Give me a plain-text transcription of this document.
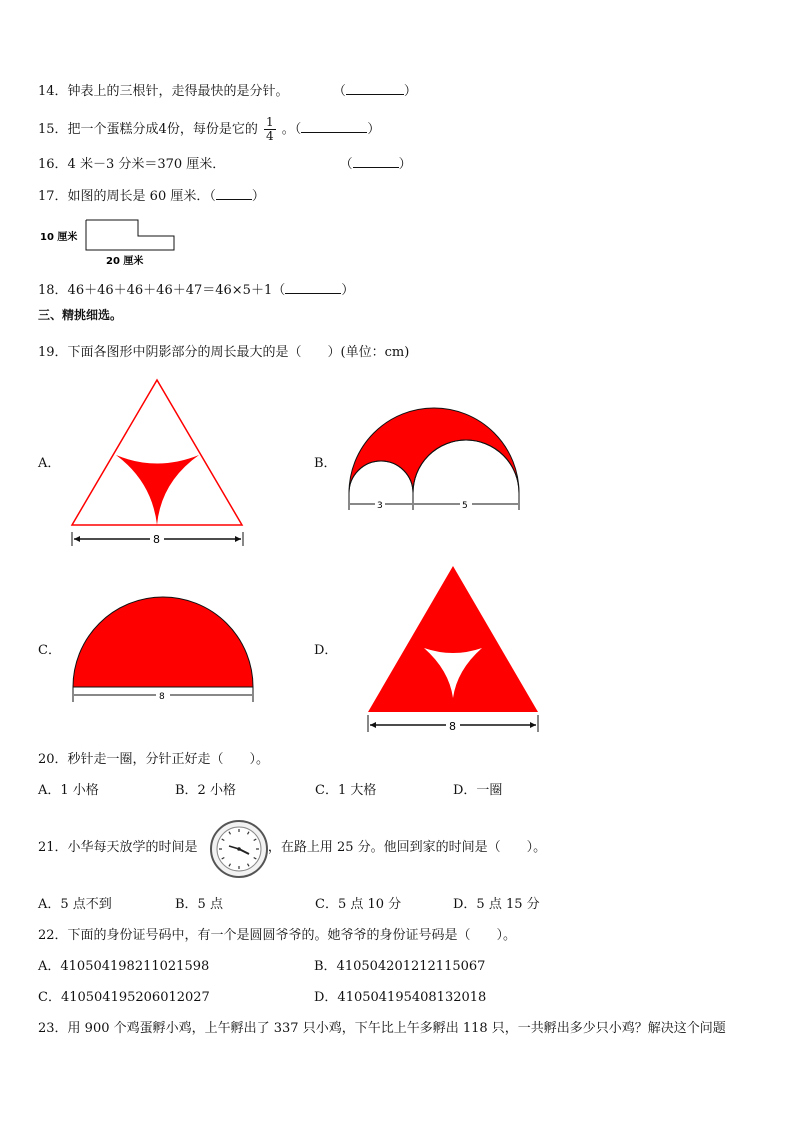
14．钟表上的三根针，走得最快的是分针。	（	）
15．把一个蛋糕分成4份，每份是它的 $\frac{1}{4}$ 。（	）
16．4 米－3 分米＝370 厘米．	（	）
17．如图的周长是 60 厘米．（	）
10 厘米
20 厘米
18．46＋46＋46＋46＋47＝46×5＋1（	）
三、精挑细选。
19．下面各图形中阴影部分的周长最大的是（　　）(单位：cm)
A．
8
B．
3	5
C．
8
D．
8
20．秒针走一圈，分针正好走（　　）。
A．1 小格	B．2 小格	C．1 大格	D．一圈
21．小华每天放学的时间是	，在路上用 25 分。他回到家的时间是（　　）。
A．5 点不到	B．5 点	C．5 点 10 分	D．5 点 15 分
22．下面的身份证号码中，有一个是圆圆爷爷的。她爷爷的身份证号码是（　　）。
A．410504198211021598	B．410504201212115067
C．410504195206012027	D．410504195408132018
23．用 900 个鸡蛋孵小鸡，上午孵出了 337 只小鸡，下午比上午多孵出 118 只，一共孵出多少只小鸡？解决这个问题
